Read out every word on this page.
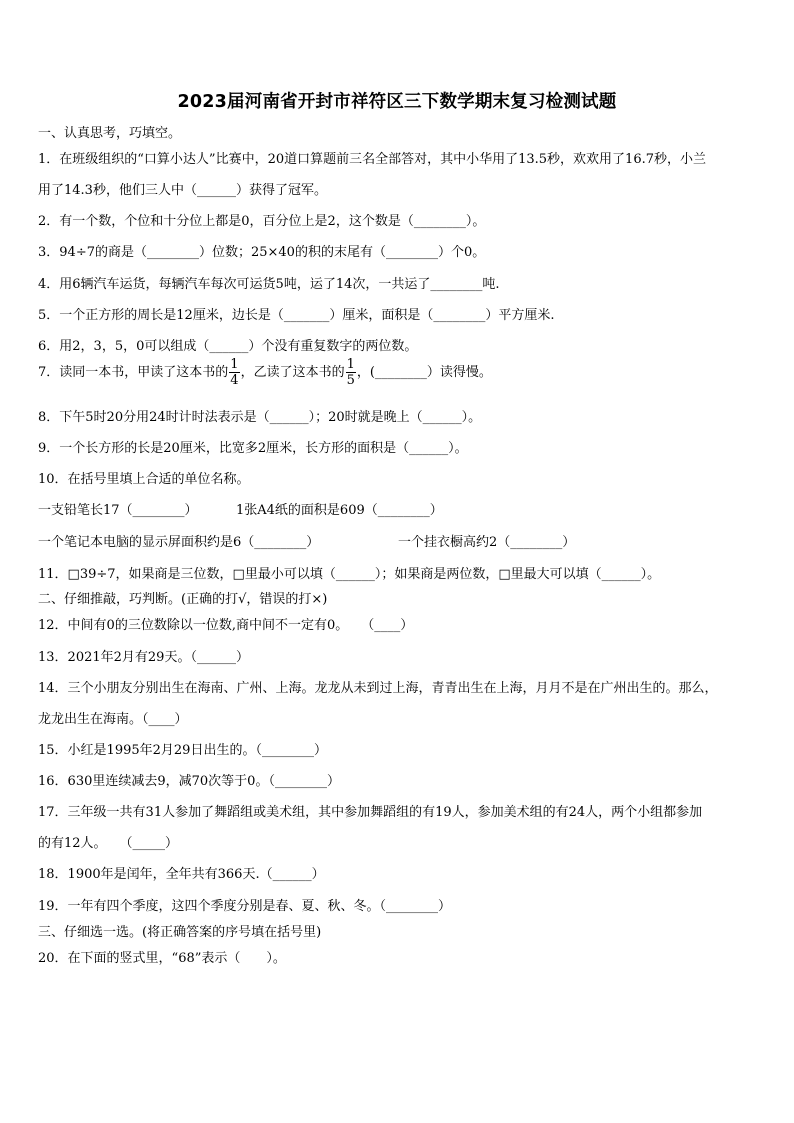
2023届河南省开封市祥符区三下数学期末复习检测试题
一、认真思考，巧填空。
1．在班级组织的“口算小达人”比赛中，20道口算题前三名全部答对，其中小华用了13.5秒，欢欢用了16.7秒，小兰
用了14.3秒，他们三人中（______）获得了冠军。
2．有一个数，个位和十分位上都是0，百分位上是2，这个数是（________）。
3．94÷7的商是（________）位数；25×40的积的末尾有（________）个0。
4．用6辆汽车运货，每辆汽车每次可运货5吨，运了14次，一共运了________吨.
5．一个正方形的周长是12厘米，边长是（_______）厘米，面积是（________）平方厘米.
6．用2，3，5，0可以组成（______）个没有重复数字的两位数。
7．读同一本书，甲读了这本书的 $\frac{1}{4}$ ，乙读了这本书的 $\frac{1}{5}$ ，(________）读得慢。
8．下午5时20分用24时计时法表示是（______）；20时就是晚上（______）。
9．一个长方形的长是20厘米，比宽多2厘米，长方形的面积是（______）。
10．在括号里填上合适的单位名称。
一支铅笔长17（________）	1张A4纸的面积是609（________）
一个笔记本电脑的显示屏面积约是6（________）	一个挂衣橱高约2（________）
11．□39÷7，如果商是三位数，□里最小可以填（______）；如果商是两位数，□里最大可以填（______）。
二、仔细推敲，巧判断。(正确的打√，错误的打×)
12．中间有0的三位数除以一位数,商中间不一定有0。　　（____）
13．2021年2月有29天。（______）
14．三个小朋友分别出生在海南、广州、上海。龙龙从未到过上海，青青出生在上海，月月不是在广州出生的。那么，
龙龙出生在海南。（____）
15．小红是1995年2月29日出生的。（________）
16．630里连续减去9，减70次等于0。（________）
17．三年级一共有31人参加了舞蹈组或美术组，其中参加舞蹈组的有19人，参加美术组的有24人，两个小组都参加
的有12人。　　（_____）
18．1900年是闰年，全年共有366天.（______）
19．一年有四个季度，这四个季度分别是春、夏、秋、冬。（________）
三、仔细选一选。(将正确答案的序号填在括号里)
20．在下面的竖式里，“68”表示（　　）。
